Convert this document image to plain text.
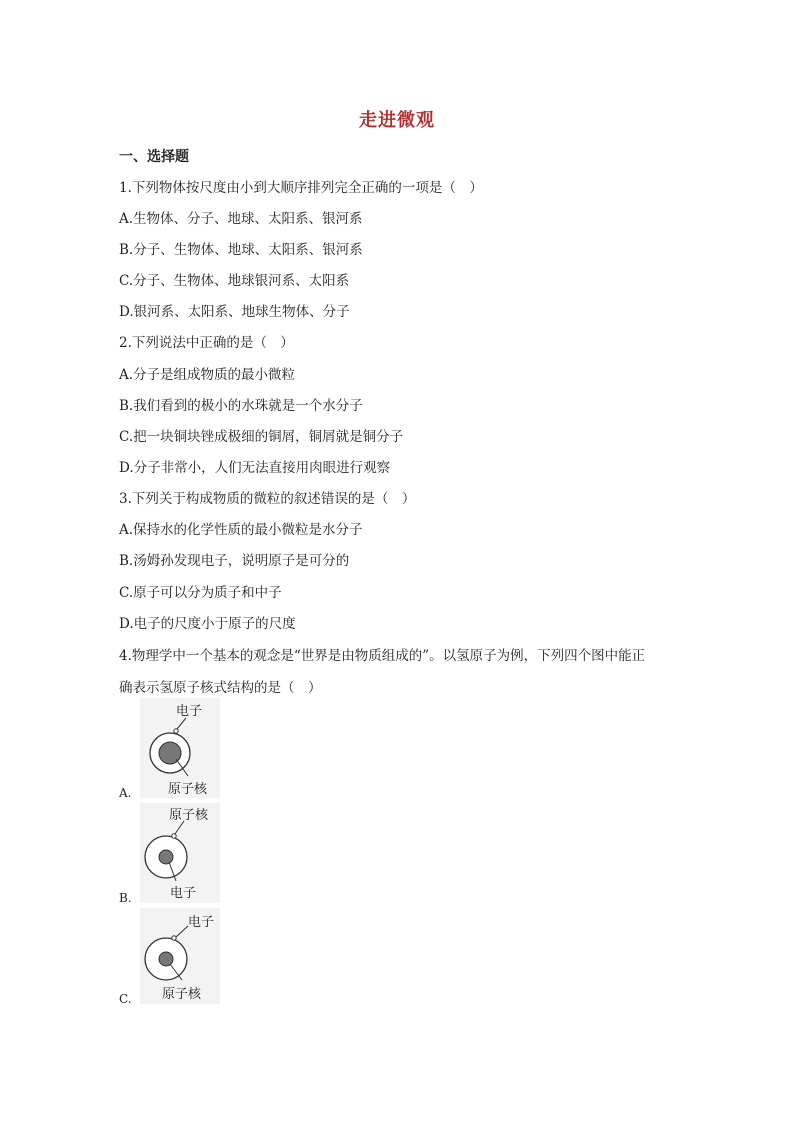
走进微观
一、选择题
1.下列物体按尺度由小到大顺序排列完全正确的一项是（　）
A.生物体、分子、地球、太阳系、银河系
B.分子、生物体、地球、太阳系、银河系
C.分子、生物体、地球银河系、太阳系
D.银河系、太阳系、地球生物体、分子
2.下列说法中正确的是（　）
A.分子是组成物质的最小微粒
B.我们看到的极小的水珠就是一个水分子
C.把一块铜块锉成极细的铜屑，铜屑就是铜分子
D.分子非常小，人们无法直接用肉眼进行观察
3.下列关于构成物质的微粒的叙述错误的是（　）
A.保持水的化学性质的最小微粒是水分子
B.汤姆孙发现电子，说明原子是可分的
C.原子可以分为质子和中子
D.电子的尺度小于原子的尺度
4.物理学中一个基本的观念是“世界是由物质组成的”。以氢原子为例，下列四个图中能正
确表示氢原子核式结构的是（　）
A.
电子
原子核
B.
原子核
电子
C.
电子
原子核
